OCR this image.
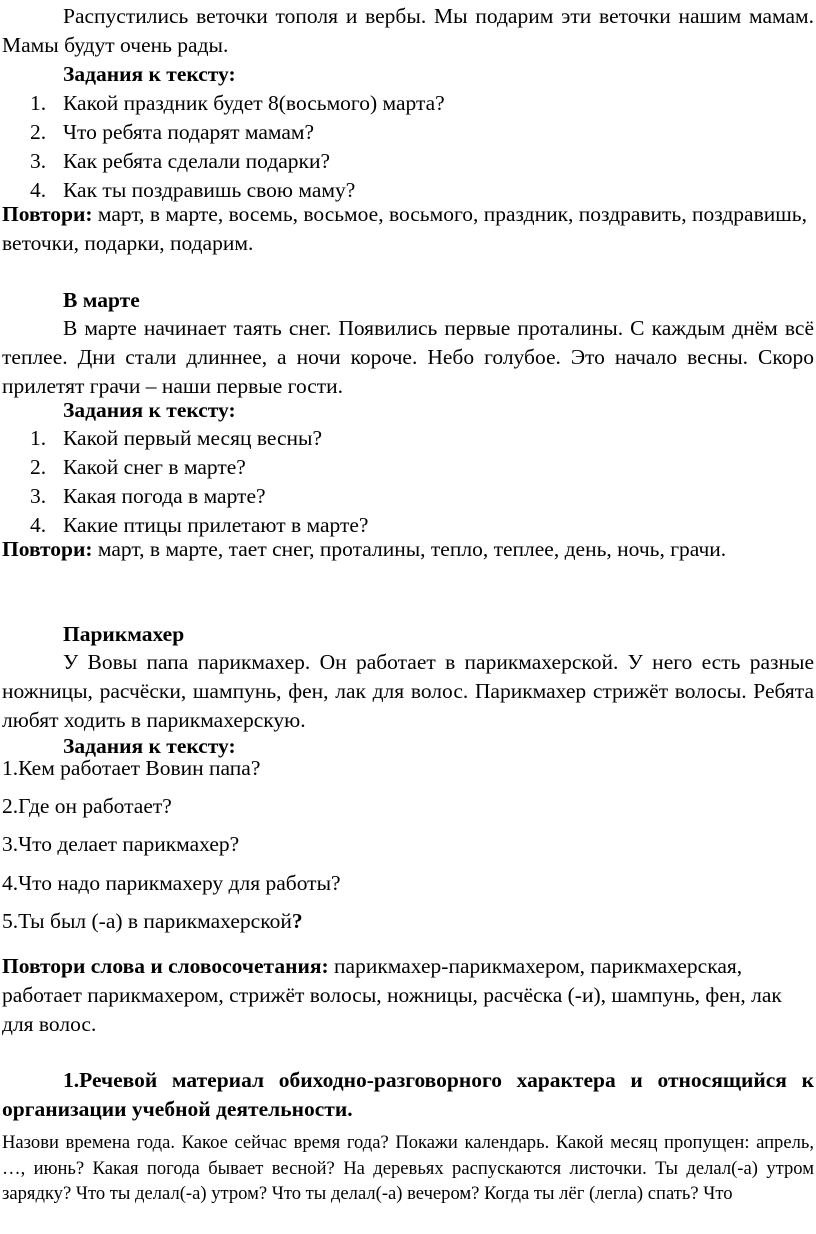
Распустились веточки тополя и вербы. Мы подарим эти веточки нашим мамам. Мамы будут очень рады.

Задания к тексту:

1. Какой праздник будет 8(восьмого) марта?
2. Что ребята подарят мамам?
3. Как ребята сделали подарки?
4. Как ты поздравишь свою маму?

Повтори: март, в марте, восемь, восьмое, восьмого, праздник, поздравить, поздравишь, веточки, подарки, подарим.

В марте

В марте начинает таять снег. Появились первые проталины. С каждым днём всё теплее. Дни стали длиннее, а ночи короче. Небо голубое. Это начало весны. Скоро прилетят грачи – наши первые гости.

Задания к тексту:

1. Какой первый месяц весны?
2. Какой снег в марте?
3. Какая погода в марте?
4. Какие птицы прилетают в марте?

Повтори: март, в марте, тает снег, проталины, тепло, теплее, день, ночь, грачи.

Парикмахер

У Вовы папа парикмахер. Он работает в парикмахерской. У него есть разные ножницы, расчёски, шампунь, фен, лак для волос. Парикмахер стрижёт волосы. Ребята любят ходить в парикмахерскую.

Задания к тексту:

1.Кем работает Вовин папа?

2.Где он работает?

3.Что делает парикмахер?

4.Что надо парикмахеру для работы?

5.Ты был (-а) в парикмахерской?

Повтори слова и словосочетания: парикмахер-парикмахером, парикмахерская, работает парикмахером, стрижёт волосы, ножницы, расчёска (-и), шампунь, фен, лак для волос.

1.Речевой материал обиходно-разговорного характера и относящийся к организации учебной деятельности.

Назови времена года. Какое сейчас время года? Покажи календарь. Какой месяц пропущен: апрель, …, июнь? Какая погода бывает весной? На деревьях распускаются листочки. Ты делал(-а) утром зарядку? Что ты делал(-а) утром? Что ты делал(-а) вечером? Когда ты лёг (легла) спать? Что
